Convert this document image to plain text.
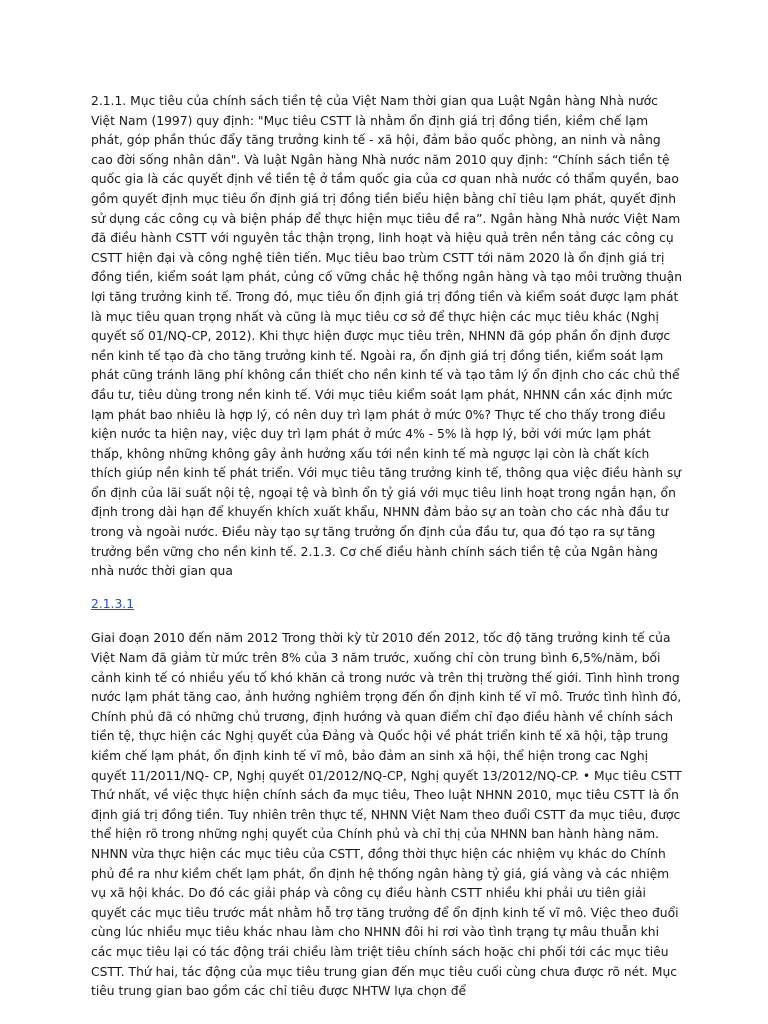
2.1.1. Mục tiêu của chính sách tiền tệ của Việt Nam thời gian qua Luật Ngân hàng Nhà nước Việt Nam (1997) quy định: "Mục tiêu CSTT là nhằm ổn định giá trị đồng tiền, kiềm chế lạm phát, góp phần thúc đẩy tăng trưởng kinh tế - xã hội, đảm bảo quốc phòng, an ninh và nâng cao đời sống nhân dân". Và luật Ngân hàng Nhà nước năm 2010 quy định: “Chính sách tiền tệ quốc gia là các quyết định về tiền tệ ở tầm quốc gia của cơ quan nhà nước có thẩm quyền, bao gồm quyết định mục tiêu ổn định giá trị đồng tiền biểu hiện bằng chỉ tiêu lạm phát, quyết định sử dụng các công cụ và biện pháp để thực hiện mục tiêu đề ra”. Ngân hàng Nhà nước Việt Nam đã điều hành CSTT với nguyên tắc thận trọng, linh hoạt và hiệu quả trên nền tảng các công cụ CSTT hiện đại và công nghệ tiên tiến. Mục tiêu bao trùm CSTT tới năm 2020 là ổn định giá trị đồng tiền, kiểm soát lạm phát, củng cố vững chắc hệ thống ngân hàng và tạo môi trường thuận lợi tăng trưởng kinh tế. Trong đó, mục tiêu ổn định giá trị đồng tiền và kiểm soát được lạm phát là mục tiêu quan trọng nhất và cũng là mục tiêu cơ sở để thực hiện các mục tiêu khác (Nghị quyết số 01/NQ-CP, 2012). Khi thực hiện được mục tiêu trên, NHNN đã góp phần ổn định được nền kinh tế tạo đà cho tăng trưởng kinh tế. Ngoài ra, ổn định giá trị đồng tiền, kiểm soát lạm phát cũng tránh lãng phí không cần thiết cho nền kinh tế và tạo tâm lý ổn định cho các chủ thể đầu tư, tiêu dùng trong nền kinh tế. Với mục tiêu kiểm soát lạm phát, NHNN cần xác định mức lạm phát bao nhiêu là hợp lý, có nên duy trì lạm phát ở mức 0%? Thực tế cho thấy trong điều kiện nước ta hiện nay, việc duy trì lạm phát ở mức 4% - 5% là hợp lý, bởi với mức lạm phát thấp, không những không gây ảnh hưởng xấu tới nền kinh tế mà ngược lại còn là chất kích thích giúp nền kinh tế phát triển. Với mục tiêu tăng trưởng kinh tế, thông qua việc điều hành sự ổn định của lãi suất nội tệ, ngoại tệ và bình ổn tỷ giá với mục tiêu linh hoạt trong ngắn hạn, ổn định trong dài hạn để khuyến khích xuất khẩu, NHNN đảm bảo sự an toàn cho các nhà đầu tư trong và ngoài nước. Điều này tạo sự tăng trưởng ổn định của đầu tư, qua đó tạo ra sự tăng trưởng bền vững cho nền kinh tế. 2.1.3. Cơ chế điều hành chính sách tiền tệ của Ngân hàng nhà nước thời gian qua

2.1.3.1

Giai đoạn 2010 đến năm 2012 Trong thời kỳ từ 2010 đến 2012, tốc độ tăng trưởng kinh tế của Việt Nam đã giảm từ mức trên 8% của 3 năm trước, xuống chỉ còn trung bình 6,5%/năm, bối cảnh kinh tế có nhiều yếu tố khó khăn cả trong nước và trên thị trường thế giới. Tình hình trong nước lạm phát tăng cao, ảnh hưởng nghiêm trọng đến ổn định kinh tế vĩ mô. Trước tình hình đó, Chính phủ đã có những chủ trương, định hướng và quan điểm chỉ đạo điều hành về chính sách tiền tệ, thực hiện các Nghị quyết của Đảng và Quốc hội về phát triển kinh tế xã hội, tập trung kiềm chế lạm phát, ổn định kinh tế vĩ mô, bảo đảm an sinh xã hội, thể hiện trong cac Nghị quyết 11/2011/NQ- CP, Nghị quyết 01/2012/NQ-CP, Nghị quyết 13/2012/NQ-CP. • Mục tiêu CSTT Thứ nhất, về việc thực hiện chính sách đa mục tiêu, Theo luật NHNN 2010, mục tiêu CSTT là ổn định giá trị đồng tiền. Tuy nhiên trên thực tế, NHNN Việt Nam theo đuổi CSTT đa mục tiêu, được thể hiện rõ trong những nghị quyết của Chính phủ và chỉ thị của NHNN ban hành hàng năm. NHNN vừa thực hiện các mục tiêu của CSTT, đồng thời thực hiện các nhiệm vụ khác do Chính phủ đề ra như kiềm chết lạm phát, ổn định hệ thống ngân hàng tỷ giá, giá vàng và các nhiệm vụ xã hội khác. Do đó các giải pháp và công cụ điều hành CSTT nhiều khi phải ưu tiên giải quyết các mục tiêu trước mắt nhằm hỗ trợ tăng trưởng để ổn định kinh tế vĩ mô. Việc theo đuổi cùng lúc nhiều mục tiêu khác nhau làm cho NHNN đôi hi rơi vào tình trạng tự mâu thuẫn khi các mục tiêu lại có tác động trái chiều làm triệt tiêu chính sách hoặc chi phối tới các mục tiêu CSTT. Thứ hai, tác động của mục tiêu trung gian đến mục tiêu cuối cùng chưa được rõ nét. Mục tiêu trung gian bao gồm các chỉ tiêu được NHTW lựa chọn để
